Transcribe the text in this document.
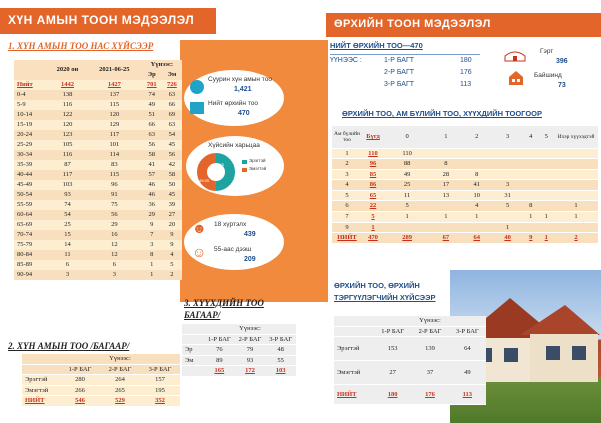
ХҮН АМЫН ТООН МЭДЭЭЛЭЛ
1. ХҮН АМЫН ТОО НАС ХҮЙСЭЭР
	2020 он	2021-06-25	Үүнээс:	
			Эр	Эм
Нийт	1442	1427	701	726
0-4	138	137	74	63
5-9	116	115	49	66
10-14	122	120	51	69
15-19	120	129	66	63
20-24	123	117	63	54
25-29	105	101	56	45
30-34	116	114	58	56
35-39	87	83	41	42
40-44	117	115	57	58
45-49	103	96	46	50
50-54	93	91	46	45
55-59	74	75	36	39
60-64	54	56	29	27
65-69	25	29	9	20
70-74	15	16	7	9
75-79	14	12	3	9
80-84	11	12	8	4
85-89	6	6	1	5
90-94	3	3	1	2
2. ХҮН АМЫН ТОО /БАГААР/
	Үүнээс:		
	1-Р БАГ	2-Р БАГ	3-Р БАГ
Эрэгтэй	280	264	157
Эмэгтэй	266	265	195
НИЙТ	546	529	352
Суурин хүн амын тоо
1,421
Нийт өрхийн тоо
470
Хүйсийн харьцаа
50.45
49.55
Эрэгтэй
Эмэгтэй
☻ 18 хүртэлх
439
☺ 55-аас дээш
209
3. ХҮҮХДИЙН ТОО
БАГААР/
	Үүнээс:		
	1-Р БАГ	2-Р БАГ	3-Р БАГ
Эр	76	79	48
Эм	89	93	55
	165	172	103
ӨРХИЙН ТООН МЭДЭЭЛЭЛ
НИЙТ ӨРХИЙН ТОО—470
ҮҮНЭЭС :	1-Р БАГТ	180
2-Р БАГТ	176
3-Р БАГТ	113
Гэрт
396
Байшинд
73
ӨРХИЙН ТОО, АМ БҮЛИЙН ТОО, ХҮҮХДИЙН ТООГООР
Ам бүлийн тоо	Бүгд	0	1	2	3	4	5	Ихэр хүүхэдтэй
1	110	110						
2	96	88	8					
3	85	49	28	8				
4	86	25	17	41	3			
5	65	11	13	10	31			
6	22	5		4	5	8		1
7	5	1	1	1		1	1	1
9	1				1			
НИЙТ	470	289	67	64	40	9	1	2
ӨРХИЙН ТОО, ӨРХИЙН
ТЭРГҮҮЛЭГЧИЙН ХҮЙСЭЭР
	Үүнээс:		
	1-Р БАГ	2-Р БАГ	3-Р БАГ
Эрэгтэй	153	139	64
Эмэгтэй	27	37	49
НИЙТ	180	176	113
